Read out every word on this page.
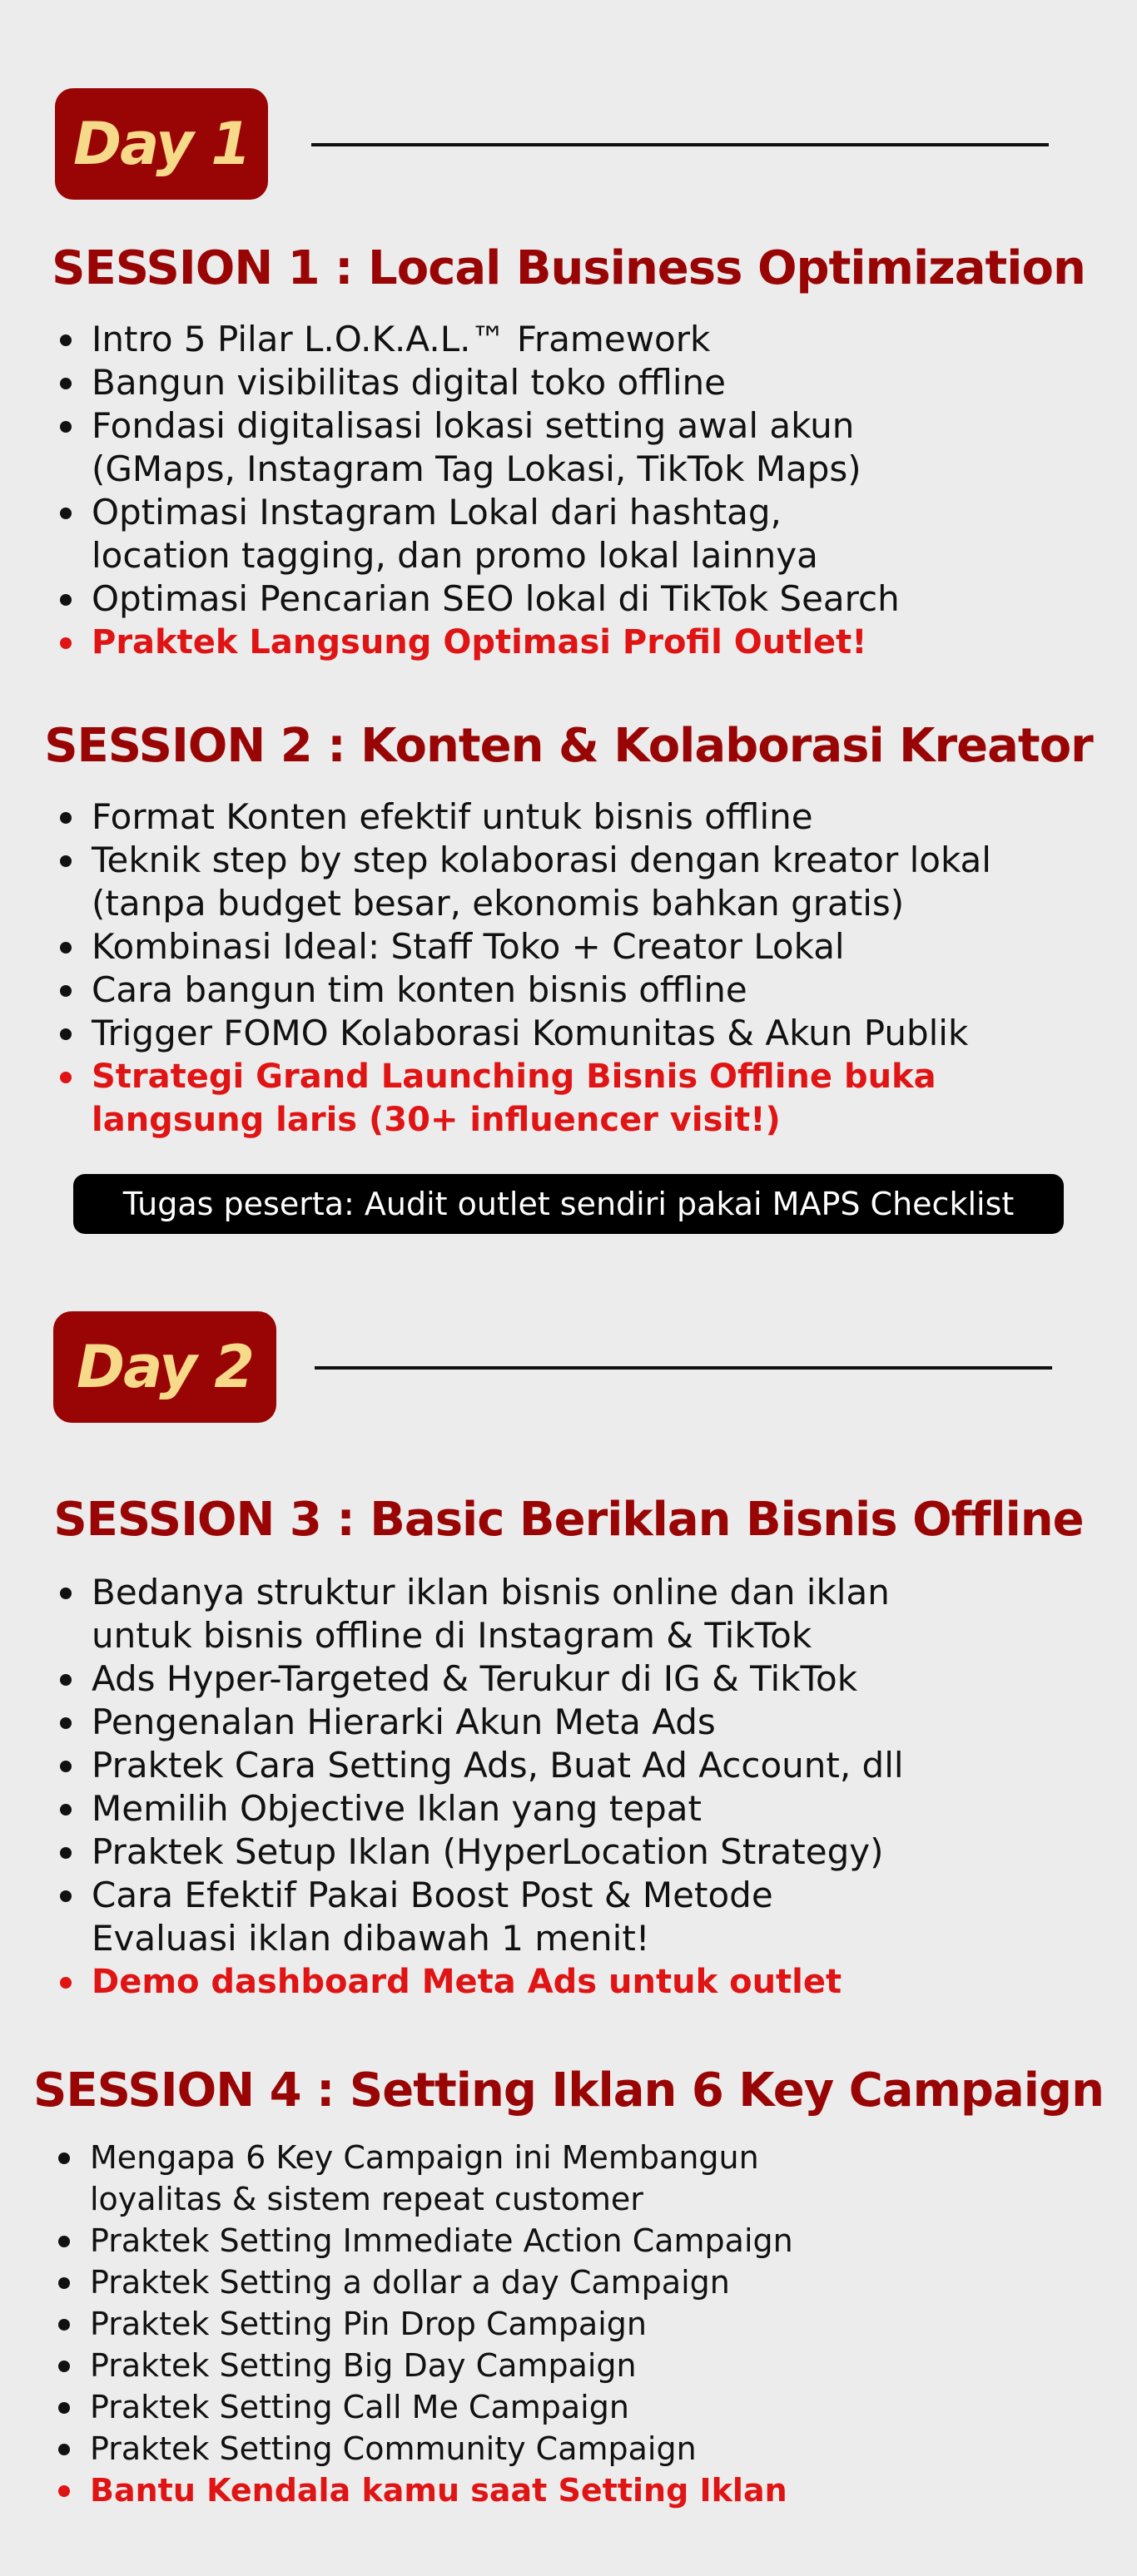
Day 1
SESSION 1 : Local Business Optimization
Intro 5 Pilar L.O.K.A.L.™ Framework
Bangun visibilitas digital toko offline
Fondasi digitalisasi lokasi setting awal akun
(GMaps, Instagram Tag Lokasi, TikTok Maps)
Optimasi Instagram Lokal dari hashtag,
location tagging, dan promo lokal lainnya
Optimasi Pencarian SEO lokal di TikTok Search
Praktek Langsung Optimasi Profil Outlet!
SESSION 2 : Konten & Kolaborasi Kreator
Format Konten efektif untuk bisnis offline
Teknik step by step kolaborasi dengan kreator lokal
(tanpa budget besar, ekonomis bahkan gratis)
Kombinasi Ideal: Staff Toko + Creator Lokal
Cara bangun tim konten bisnis offline
Trigger FOMO Kolaborasi Komunitas & Akun Publik
Strategi Grand Launching Bisnis Offline buka
langsung laris (30+ influencer visit!)
Tugas peserta: Audit outlet sendiri pakai MAPS Checklist
Day 2
SESSION 3 : Basic Beriklan Bisnis Offline
Bedanya struktur iklan bisnis online dan iklan
untuk bisnis offline di Instagram & TikTok
Ads Hyper-Targeted & Terukur di IG & TikTok
Pengenalan Hierarki Akun Meta Ads
Praktek Cara Setting Ads, Buat Ad Account, dll
Memilih Objective Iklan yang tepat
Praktek Setup Iklan (HyperLocation Strategy)
Cara Efektif Pakai Boost Post & Metode
Evaluasi iklan dibawah 1 menit!
Demo dashboard Meta Ads untuk outlet
SESSION 4 : Setting Iklan 6 Key Campaign
Mengapa 6 Key Campaign ini Membangun
loyalitas & sistem repeat customer
Praktek Setting Immediate Action Campaign
Praktek Setting a dollar a day Campaign
Praktek Setting Pin Drop Campaign
Praktek Setting Big Day Campaign
Praktek Setting Call Me Campaign
Praktek Setting Community Campaign
Bantu Kendala kamu saat Setting Iklan
